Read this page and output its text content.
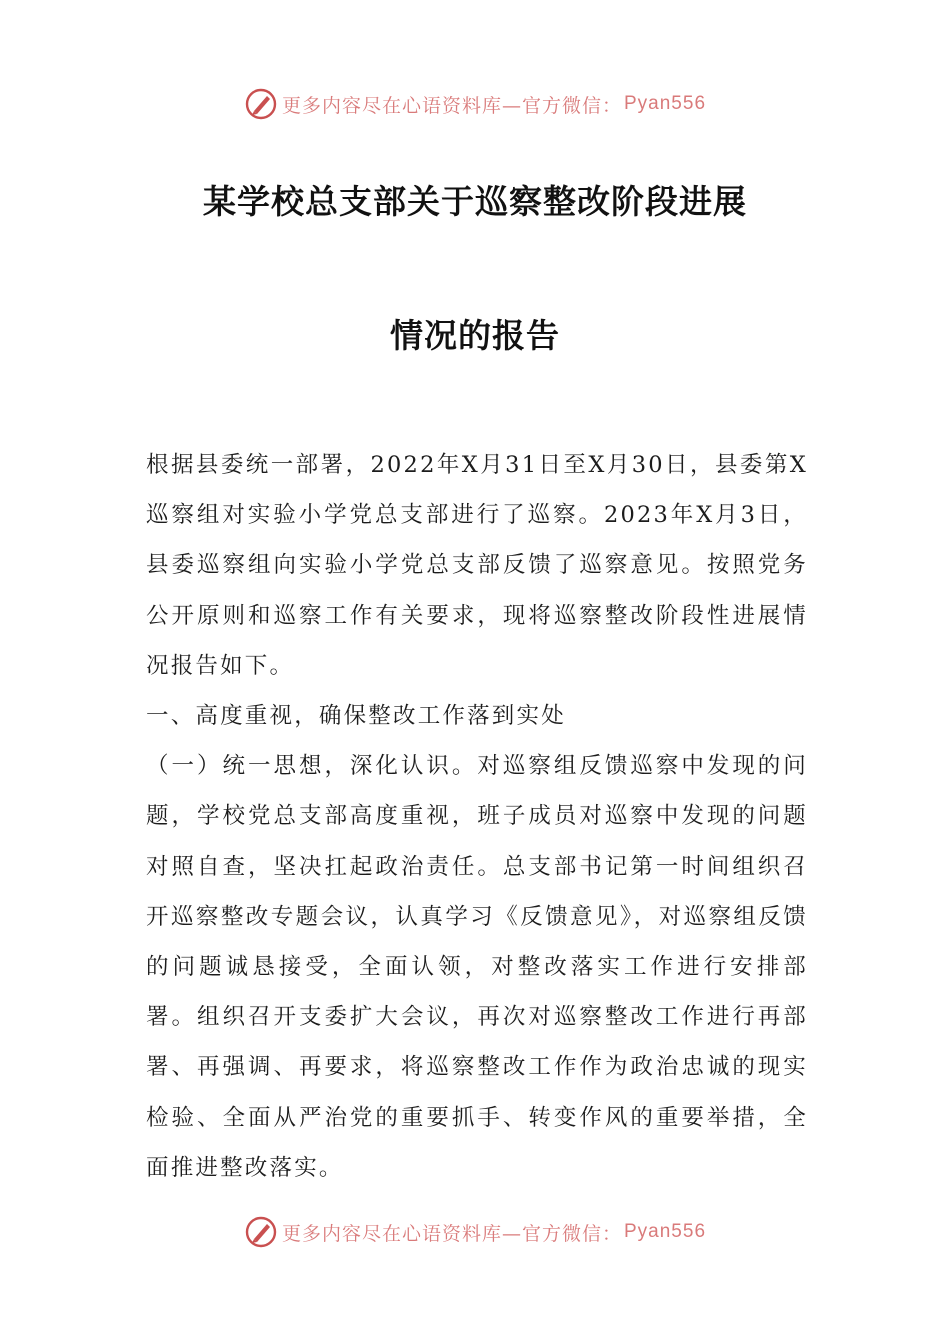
更多内容尽在心语资料库—官方微信： Pyan556
某学校总支部关于巡察整改阶段进展
情况的报告

根据县委统一部署，2022年X月31日至X月30日，县委第X巡察组对实验小学党总支部进行了巡察。2023年X月3日，县委巡察组向实验小学党总支部反馈了巡察意见。按照党务公开原则和巡察工作有关要求，现将巡察整改阶段性进展情况报告如下。

一、高度重视，确保整改工作落到实处

（一）统一思想，深化认识。对巡察组反馈巡察中发现的问题，学校党总支部高度重视，班子成员对巡察中发现的问题对照自查，坚决扛起政治责任。总支部书记第一时间组织召开巡察整改专题会议，认真学习《反馈意见》，对巡察组反馈的问题诚恳接受，全面认领，对整改落实工作进行安排部署。组织召开支委扩大会议，再次对巡察整改工作进行再部署、再强调、再要求，将巡察整改工作作为政治忠诚的现实检验、全面从严治党的重要抓手、转变作风的重要举措，全面推进整改落实。

更多内容尽在心语资料库—官方微信： Pyan556
